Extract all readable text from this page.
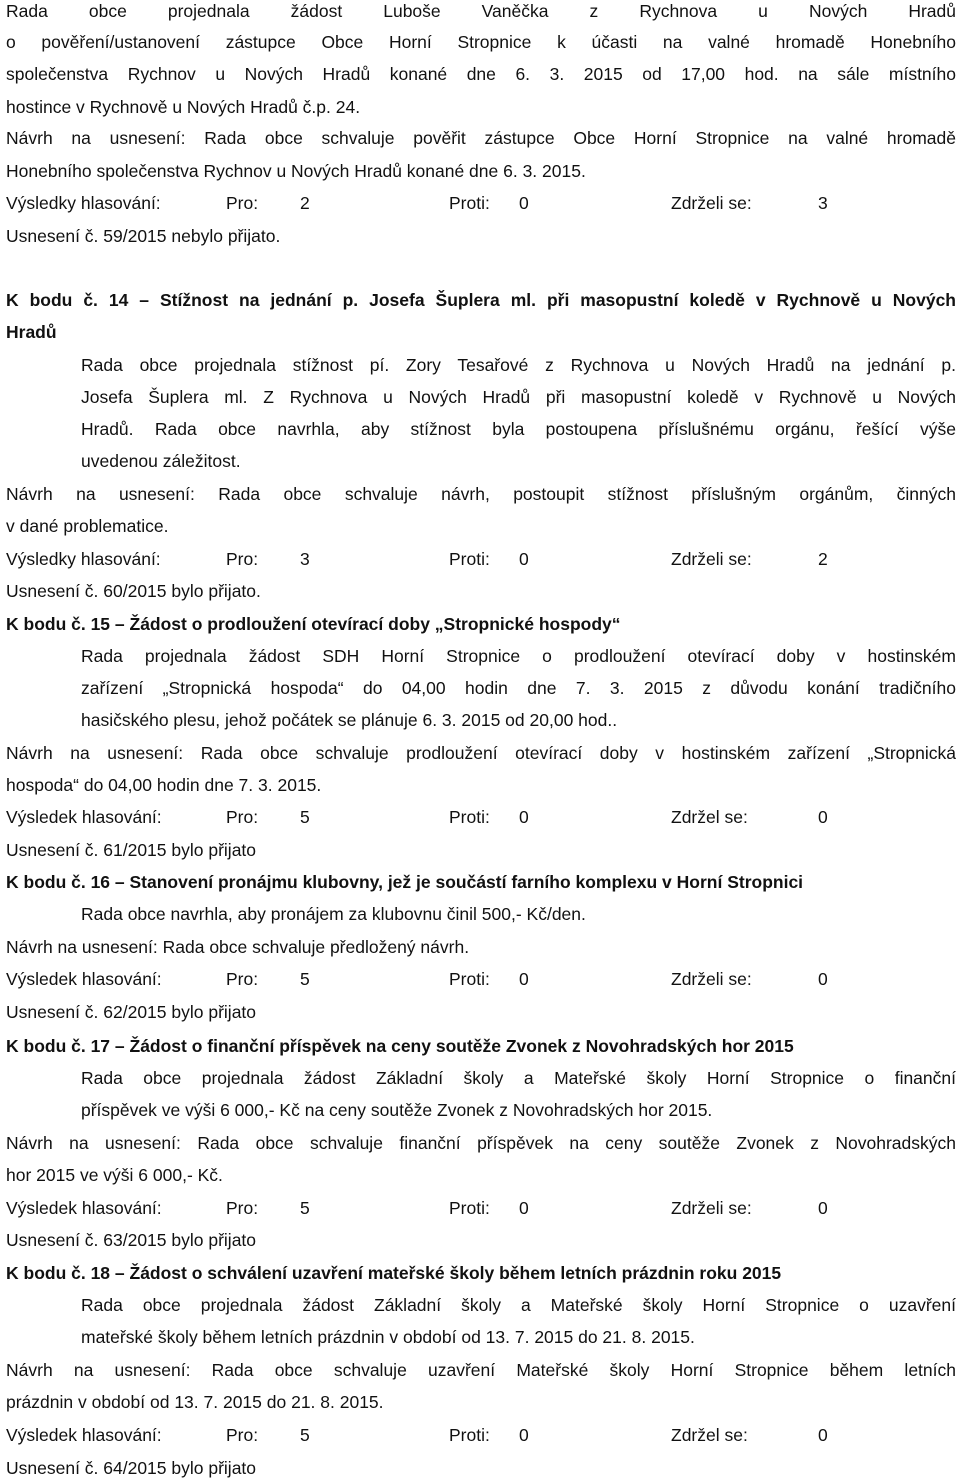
Rada obce projednala žádost Luboše Vaněčka z Rychnova u Nových Hradů
o pověření/ustanovení zástupce Obce Horní Stropnice k účasti na valné hromadě Honebního
společenstva Rychnov u Nových Hradů konané dne 6. 3. 2015 od 17,00 hod. na sále místního
hostince v Rychnově u Nových Hradů č.p. 24.
Návrh na usnesení: Rada obce schvaluje pověřit zástupce Obce Horní Stropnice na valné hromadě
Honebního společenstva Rychnov u Nových Hradů konané dne 6. 3. 2015.
Výsledky hlasování:	Pro: 2	Proti: 0	Zdrželi se:	3
Usnesení č. 59/2015 nebylo přijato.
K bodu č. 14 – Stížnost na jednání p. Josefa Šuplera ml. při masopustní koledě v Rychnově u Nových
Hradů
Rada obce projednala stížnost pí. Zory Tesařové z Rychnova u Nových Hradů na jednání p.
Josefa Šuplera ml. Z Rychnova u Nových Hradů při masopustní koledě v Rychnově u Nových
Hradů. Rada obce navrhla, aby stížnost byla postoupena příslušnému orgánu, řešící výše
uvedenou záležitost.
Návrh na usnesení: Rada obce schvaluje návrh, postoupit stížnost příslušným orgánům, činných
v dané problematice.
Výsledky hlasování:	Pro: 3	Proti: 0	Zdrželi se:	2
Usnesení č. 60/2015 bylo přijato.
K bodu č. 15 – Žádost o prodloužení otevírací doby „Stropnické hospody“
Rada projednala žádost SDH Horní Stropnice o prodloužení otevírací doby v hostinském
zařízení „Stropnická hospoda“ do 04,00 hodin dne 7. 3. 2015 z důvodu konání tradičního
hasičského plesu, jehož počátek se plánuje 6. 3. 2015 od 20,00 hod..
Návrh na usnesení: Rada obce schvaluje prodloužení otevírací doby v hostinském zařízení „Stropnická
hospoda“ do 04,00 hodin dne 7. 3. 2015.
Výsledek hlasování:	Pro: 5	Proti: 0	Zdržel se:	0
Usnesení č. 61/2015 bylo přijato
K bodu č. 16 – Stanovení pronájmu klubovny, jež je součástí farního komplexu v Horní Stropnici
Rada obce navrhla, aby pronájem za klubovnu činil 500,- Kč/den.
Návrh na usnesení: Rada obce schvaluje předložený návrh.
Výsledek hlasování:	Pro: 5	Proti: 0	Zdrželi se:	0
Usnesení č. 62/2015 bylo přijato
K bodu č. 17 – Žádost o finanční příspěvek na ceny soutěže Zvonek z Novohradských hor 2015
Rada obce projednala žádost Základní školy a Mateřské školy Horní Stropnice o finanční
příspěvek ve výši 6 000,- Kč na ceny soutěže Zvonek z Novohradských hor 2015.
Návrh na usnesení: Rada obce schvaluje finanční příspěvek na ceny soutěže Zvonek z Novohradských
hor 2015 ve výši 6 000,- Kč.
Výsledek hlasování:	Pro: 5	Proti: 0	Zdrželi se:	0
Usnesení č. 63/2015 bylo přijato
K bodu č. 18 – Žádost o schválení uzavření mateřské školy během letních prázdnin roku 2015
Rada obce projednala žádost Základní školy a Mateřské školy Horní Stropnice o uzavření
mateřské školy během letních prázdnin v období od 13. 7. 2015 do 21. 8. 2015.
Návrh na usnesení: Rada obce schvaluje uzavření Mateřské školy Horní Stropnice během letních
prázdnin v období od 13. 7. 2015 do 21. 8. 2015.
Výsledek hlasování:	Pro: 5	Proti: 0	Zdržel se:	0
Usnesení č. 64/2015 bylo přijato
